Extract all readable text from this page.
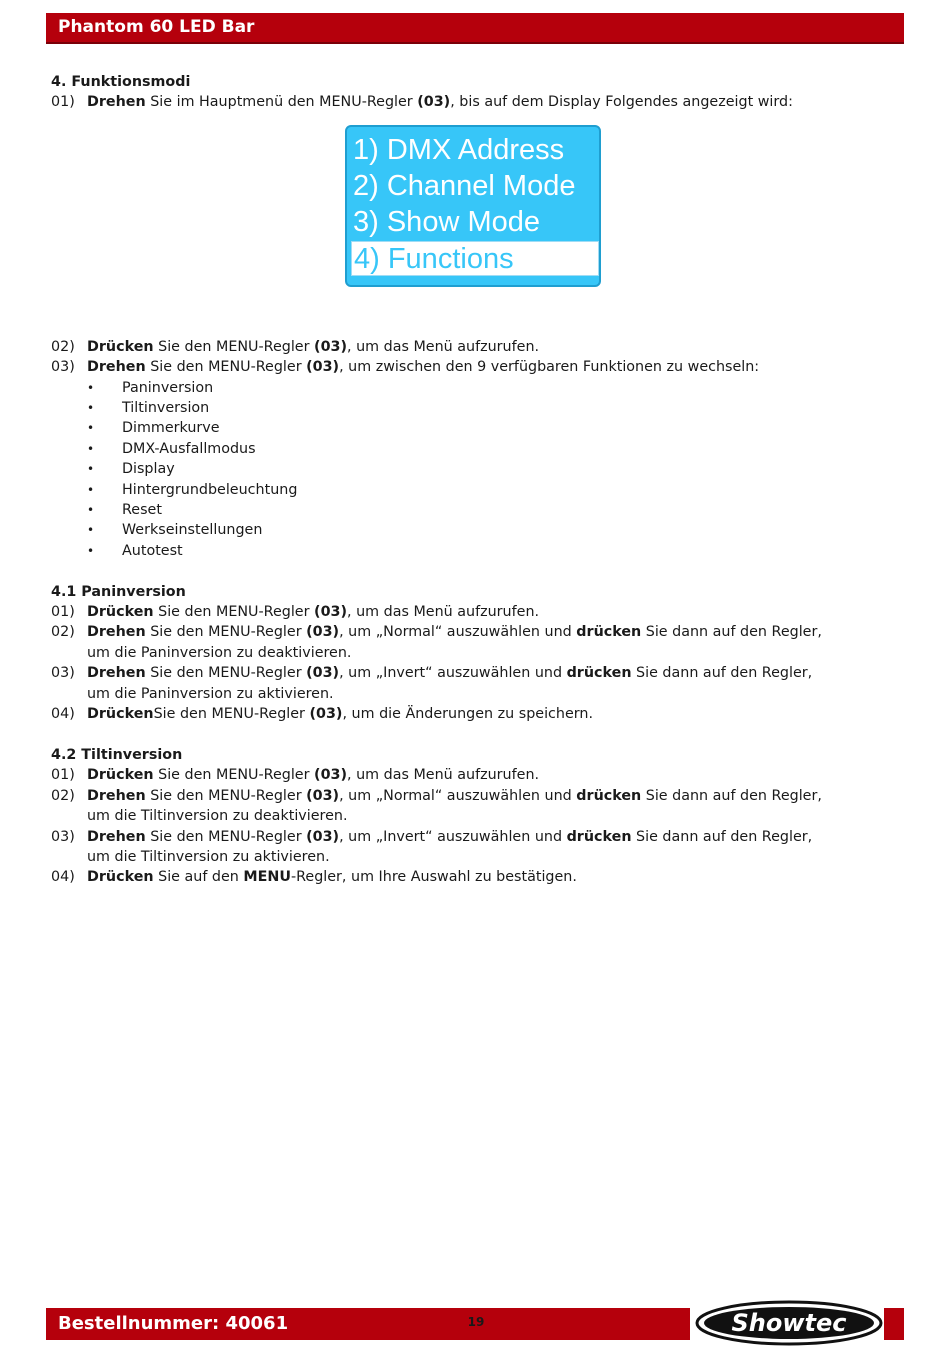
Phantom 60 LED Bar
4. Funktionsmodi
01) Drehen Sie im Hauptmenü den MENU-Regler (03), bis auf dem Display Folgendes angezeigt wird:
1) DMX Address
2) Channel Mode
3) Show Mode
4) Functions
02) Drücken Sie den MENU-Regler (03), um das Menü aufzurufen.
03) Drehen Sie den MENU-Regler (03), um zwischen den 9 verfügbaren Funktionen zu wechseln:
• Paninversion
• Tiltinversion
• Dimmerkurve
• DMX-Ausfallmodus
• Display
• Hintergrundbeleuchtung
• Reset
• Werkseinstellungen
• Autotest
4.1 Paninversion
01) Drücken Sie den MENU-Regler (03), um das Menü aufzurufen.
02) Drehen Sie den MENU-Regler (03), um „Normal“ auszuwählen und drücken Sie dann auf den Regler,
um die Paninversion zu deaktivieren.
03) Drehen Sie den MENU-Regler (03), um „Invert“ auszuwählen und drücken Sie dann auf den Regler,
um die Paninversion zu aktivieren.
04) DrückenSie den MENU-Regler (03), um die Änderungen zu speichern.
4.2 Tiltinversion
01) Drücken Sie den MENU-Regler (03), um das Menü aufzurufen.
02) Drehen Sie den MENU-Regler (03), um „Normal“ auszuwählen und drücken Sie dann auf den Regler,
um die Tiltinversion zu deaktivieren.
03) Drehen Sie den MENU-Regler (03), um „Invert“ auszuwählen und drücken Sie dann auf den Regler,
um die Tiltinversion zu aktivieren.
04) Drücken Sie auf den MENU-Regler, um Ihre Auswahl zu bestätigen.
Bestellnummer: 40061	19	Showtec
